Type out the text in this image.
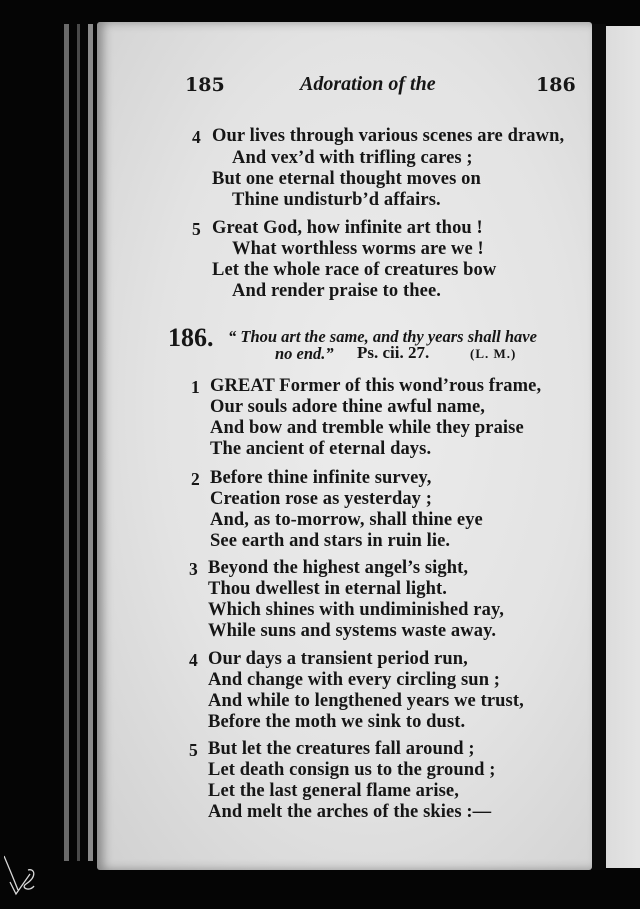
185	Adoration of the	186
4 Our lives through various scenes are drawn,
And vex’d with trifling cares ;
But one eternal thought moves on
Thine undisturb’d affairs.
5 Great God, how infinite art thou !
What worthless worms are we !
Let the whole race of creatures bow
And render praise to thee.
186. “ Thou art the same, and thy years shall have
no end.” Ps. cii. 27.	(L. M.)
1 GREAT Former of this wond’rous frame,
Our souls adore thine awful name,
And bow and tremble while they praise
The ancient of eternal days.
2 Before thine infinite survey,
Creation rose as yesterday ;
And, as to-morrow, shall thine eye
See earth and stars in ruin lie.
3 Beyond the highest angel’s sight,
Thou dwellest in eternal light.
Which shines with undiminished ray,
While suns and systems waste away.
4 Our days a transient period run,
And change with every circling sun ;
And while to lengthened years we trust,
Before the moth we sink to dust.
5 But let the creatures fall around ;
Let death consign us to the ground ;
Let the last general flame arise,
And melt the arches of the skies :—
